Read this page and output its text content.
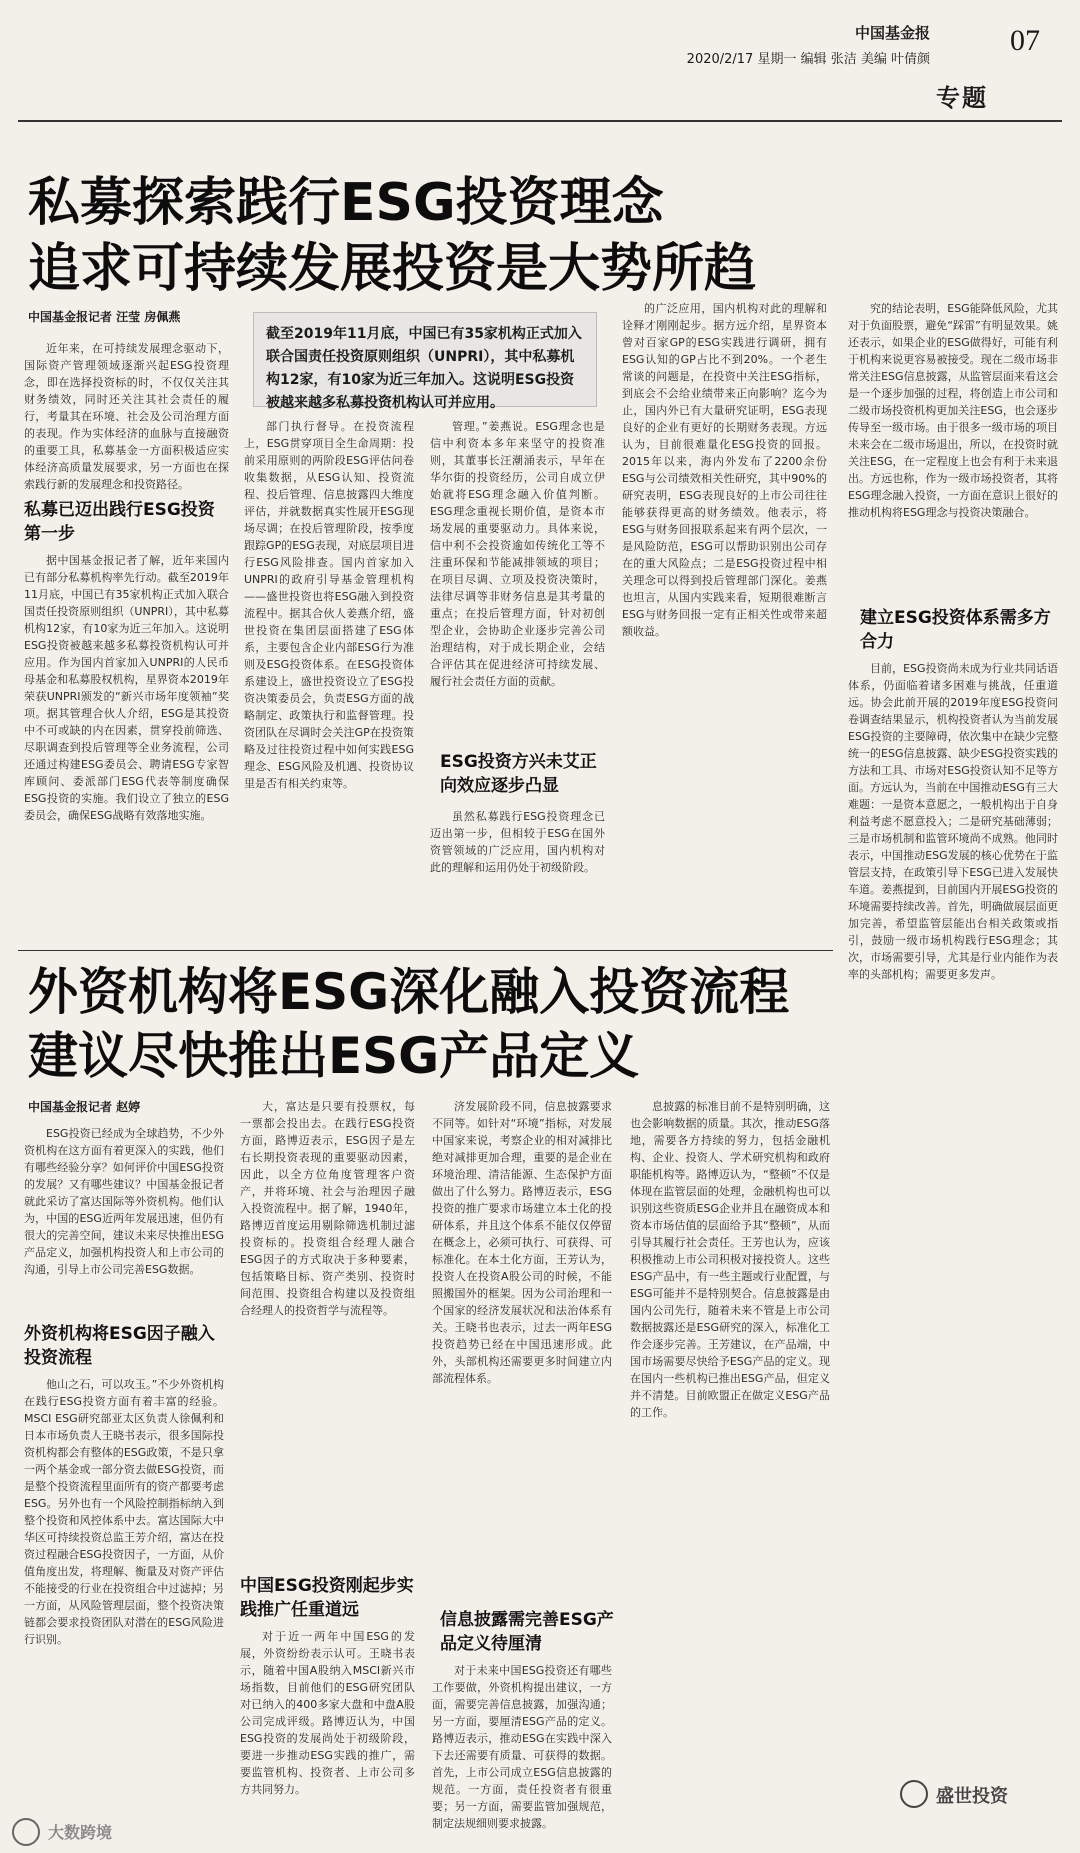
中国基金报
2020/2/17 星期一 编辑 张洁 美编 叶倩颜
07
专题
私募探索践行ESG投资理念
追求可持续发展投资是大势所趋
中国基金报记者 汪莹 房佩燕
截至2019年11月底，中国已有35家机构正式加入联合国责任投资原则组织（UNPRI），其中私募机构12家，有10家为近三年加入。这说明ESG投资被越来越多私募投资机构认可并应用。

近年来，在可持续发展理念驱动下，国际资产管理领域逐渐兴起ESG投资理念，即在选择投资标的时，不仅仅关注其财务绩效，同时还关注其社会责任的履行，考量其在环境、社会及公司治理方面的表现。作为实体经济的血脉与直接融资的重要工具，私募基金一方面积极适应实体经济高质量发展要求，另一方面也在探索践行新的发展理念和投资路径。

私募已迈出践行ESG投资第一步

据中国基金报记者了解，近年来国内已有部分私募机构率先行动。截至2019年11月底，中国已有35家机构正式加入联合国责任投资原则组织（UNPRI），其中私募机构12家，有10家为近三年加入。这说明ESG投资被越来越多私募投资机构认可并应用。作为国内首家加入UNPRI的人民币母基金和私募股权机构，星界资本2019年荣获UNPRI颁发的“新兴市场年度领袖”奖项。据其管理合伙人介绍，ESG是其投资中不可或缺的内在因素，贯穿投前筛选、尽职调查到投后管理等全业务流程，公司还通过构建ESG委员会、聘请ESG专家智库顾问、委派部门ESG代表等制度确保ESG投资的实施。我们设立了独立的ESG委员会，确保ESG战略有效落地实施。

部门执行督导。在投资流程上，ESG贯穿项目全生命周期：投前采用原则的两阶段ESG评估问卷收集数据，从ESG认知、投资流程、投后管理、信息披露四大维度评估，并就数据真实性展开ESG现场尽调；在投后管理阶段，按季度跟踪GP的ESG表现，对底层项目进行ESG风险排查。国内首家加入UNPRI的政府引导基金管理机构——盛世投资也将ESG融入到投资流程中。据其合伙人姜燕介绍，盛世投资在集团层面搭建了ESG体系，主要包含企业内部ESG行为准则及ESG投资体系。在ESG投资体系建设上，盛世投资设立了ESG投资决策委员会，负责ESG方面的战略制定、政策执行和监督管理。投资团队在尽调时会关注GP在投资策略及过往投资过程中如何实践ESG理念、ESG风险及机遇、投资协议里是否有相关约束等。

管理。”姜燕说。ESG理念也是信中利资本多年来坚守的投资准则，其董事长汪潮涌表示，早年在华尔街的投资经历，公司自成立伊始就将ESG理念融入价值判断。ESG理念重视长期价值，是资本市场发展的重要驱动力。具体来说，信中利不会投资逾如传统化工等不注重环保和节能减排领域的项目；在项目尽调、立项及投资决策时，法律尽调等非财务信息是其考量的重点；在投后管理方面，针对初创型企业，会协助企业逐步完善公司治理结构，对于成长期企业，会结合评估其在促进经济可持续发展、履行社会责任方面的贡献。

ESG投资方兴未艾正向效应逐步凸显

虽然私募践行ESG投资理念已迈出第一步，但相较于ESG在国外资管领域的广泛应用，国内机构对此的理解和运用仍处于初级阶段。

的广泛应用，国内机构对此的理解和诠释才刚刚起步。据方远介绍，星界资本曾对百家GP的ESG实践进行调研，拥有ESG认知的GP占比不到20%。一个老生常谈的问题是，在投资中关注ESG指标，到底会不会给业绩带来正向影响？迄今为止，国内外已有大量研究证明，ESG表现良好的企业有更好的长期财务表现。方远认为，目前很难量化ESG投资的回报。2015年以来，海内外发布了2200余份ESG与公司绩效相关性研究，其中90%的研究表明，ESG表现良好的上市公司往往能够获得更高的财务绩效。他表示，将ESG与财务回报联系起来有两个层次，一是风险防范，ESG可以帮助识别出公司存在的重大风险点；二是ESG投资过程中相关理念可以得到投后管理部门深化。姜燕也坦言，从国内实践来看，短期很难断言ESG与财务回报一定有正相关性或带来超额收益。

究的结论表明，ESG能降低风险，尤其对于负面股票，避免“踩雷”有明显效果。姚还表示，如果企业的ESG做得好，可能有利于机构来说更容易被接受。现在二级市场非常关注ESG信息披露，从监管层面来看这会是一个逐步加强的过程，将创造上市公司和二级市场投资机构更加关注ESG，也会逐步传导至一级市场。由于很多一级市场的项目未来会在二级市场退出，所以，在投资时就关注ESG，在一定程度上也会有利于未来退出。方远也称，作为一级市场投资者，其将ESG理念融入投资，一方面在意识上很好的推动机构将ESG理念与投资决策融合。

建立ESG投资体系需多方合力

目前，ESG投资尚未成为行业共同话语体系，仍面临着诸多困难与挑战，任重道远。协会此前开展的2019年度ESG投资问卷调查结果显示，机构投资者认为当前发展ESG投资的主要障碍，依次集中在缺少完整统一的ESG信息披露、缺少ESG投资实践的方法和工具、市场对ESG投资认知不足等方面。方远认为，当前在中国推动ESG有三大难题：一是资本意愿之，一般机构出于自身利益考虑不愿意投入；二是研究基础薄弱；三是市场机制和监管环境尚不成熟。他同时表示，中国推动ESG发展的核心优势在于监管层支持，在政策引导下ESG已进入发展快车道。姜燕提到，目前国内开展ESG投资的环境需要持续改善。首先，明确做展层面更加完善，希望监管层能出台相关政策或指引，鼓励一级市场机构践行ESG理念；其次，市场需要引导，尤其是行业内能作为表率的头部机构；需要更多发声。

外资机构将ESG深化融入投资流程
建议尽快推出ESG产品定义
中国基金报记者 赵婷

ESG投资已经成为全球趋势，不少外资机构在这方面有着更深入的实践，他们有哪些经验分享？如何评价中国ESG投资的发展？又有哪些建议？中国基金报记者就此采访了富达国际等外资机构。他们认为，中国的ESG近两年发展迅速，但仍有很大的完善空间，建议未来尽快推出ESG产品定义，加强机构投资人和上市公司的沟通，引导上市公司完善ESG数据。

外资机构将ESG因子融入投资流程

他山之石，可以攻玉。”不少外资机构在践行ESG投资方面有着丰富的经验。MSCI ESG研究部亚太区负责人徐佩利和日本市场负责人王晓书表示，很多国际投资机构都会有整体的ESG政策，不是只拿一两个基金或一部分资去做ESG投资，而是整个投资流程里面所有的资产都要考虑ESG。另外也有一个风险控制指标纳入到整个投资和风控体系中去。富达国际大中华区可持续投资总监王芳介绍，富达在投资过程融合ESG投资因子，一方面，从价值角度出发，将理解、衡量及对资产评估不能接受的行业在投资组合中过滤掉；另一方面，从风险管理层面，整个投资决策链都会要求投资团队对潜在的ESG风险进行识别。

大，富达是只要有投票权，每一票都会投出去。在践行ESG投资方面，路博迈表示，ESG因子是左右长期投资表现的重要驱动因素，因此，以全方位角度管理客户资产，并将环境、社会与治理因子融入投资流程中。据了解，1940年，路博迈首度运用剔除筛选机制过滤投资标的。投资组合经理人融合ESG因子的方式取决于多种要素，包括策略目标、资产类别、投资时间范围、投资组合构建以及投资组合经理人的投资哲学与流程等。

中国ESG投资刚起步实践推广任重道远

对于近一两年中国ESG的发展，外资纷纷表示认可。王晓书表示，随着中国A股纳入MSCI新兴市场指数，目前他们的ESG研究团队对已纳入的400多家大盘和中盘A股公司完成评级。路博迈认为，中国ESG投资的发展尚处于初级阶段，要进一步推动ESG实践的推广，需要监管机构、投资者、上市公司多方共同努力。

济发展阶段不同，信息披露要求不同等。如针对“环境”指标，对发展中国家来说，考察企业的相对减排比绝对减排更加合理，重要的是企业在环境治理、清洁能源、生态保护方面做出了什么努力。路博迈表示，ESG投资的推广要求市场建立本土化的投研体系，并且这个体系不能仅仅停留在概念上，必须可执行、可获得、可标准化。在本土化方面，王芳认为，投资人在投资A股公司的时候，不能照搬国外的框架。因为公司治理和一个国家的经济发展状况和法治体系有关。王晓书也表示，过去一两年ESG投资趋势已经在中国迅速形成。此外，头部机构还需要更多时间建立内部流程体系。

信息披露需完善ESG产品定义待厘清

对于未来中国ESG投资还有哪些工作要做，外资机构提出建议，一方面，需要完善信息披露，加强沟通；另一方面，要厘清ESG产品的定义。路博迈表示，推动ESG在实践中深入下去还需要有质量、可获得的数据。首先，上市公司成立ESG信息披露的规范。一方面，责任投资者有很重要；另一方面，需要监管加强规范，制定法规细则要求披露。

息披露的标准目前不是特别明确，这也会影响数据的质量。其次，推动ESG落地，需要各方持续的努力，包括金融机构、企业、投资人、学术研究机构和政府职能机构等。路博迈认为，“整顿”不仅是体现在监管层面的处理，金融机构也可以识别这些资质ESG企业并且在融资成本和资本市场估值的层面给予其“整顿”，从而引导其履行社会责任。王芳也认为，应该积极推动上市公司积极对接投资人。这些ESG产品中，有一些主题或行业配置，与ESG可能并不是特别契合。信息披露是由国内公司先行，随着未来不管是上市公司数据披露还是ESG研究的深入，标准化工作会逐步完善。王芳建议，在产品端，中国市场需要尽快给予ESG产品的定义。现在国内一些机构已推出ESG产品，但定义并不清楚。目前欧盟正在做定义ESG产品的工作。

大数跨境
盛世投资
